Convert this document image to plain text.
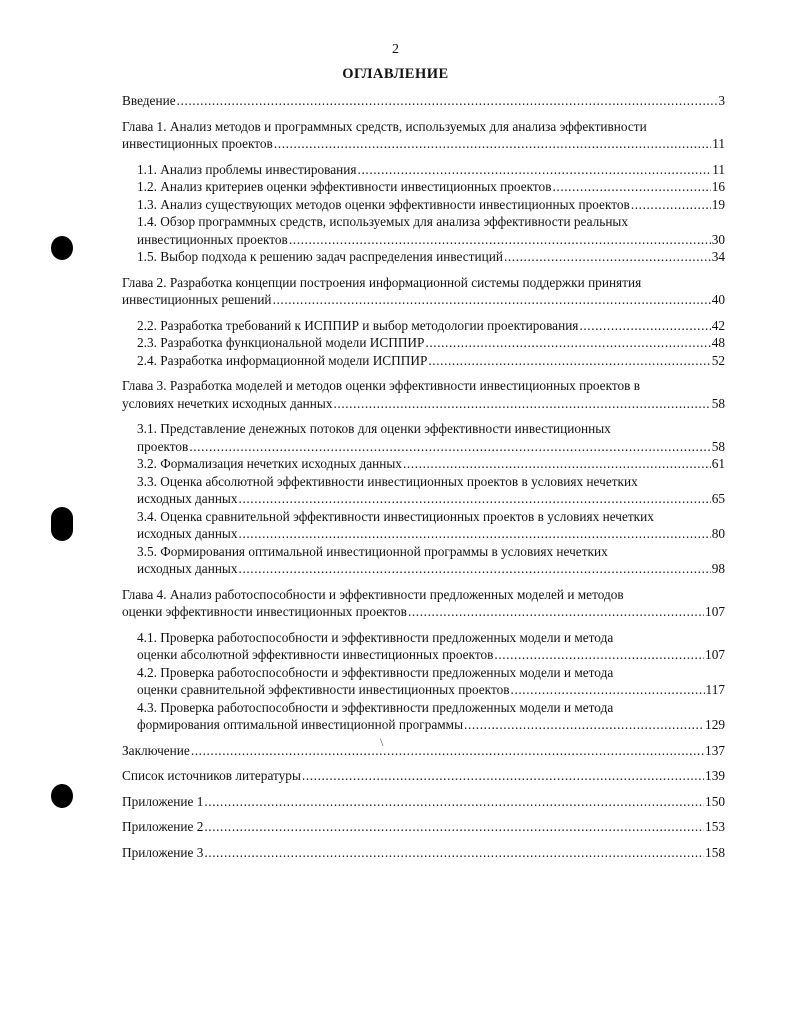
2
ОГЛАВЛЕНИЕ
Введение .....	3
Глава 1. Анализ методов и программных средств, используемых для анализа эффективности
инвестиционных проектов .....	11
1.1. Анализ проблемы инвестирования .....	11
1.2. Анализ критериев оценки эффективности инвестиционных проектов .....	16
1.3. Анализ существующих методов оценки эффективности инвестиционных проектов .....	19
1.4. Обзор программных средств, используемых для анализа эффективности реальных
инвестиционных проектов .....	30
1.5. Выбор подхода к решению задач распределения инвестиций .....	34
Глава 2. Разработка концепции построения информационной системы поддержки принятия
инвестиционных решений .....	40
2.2. Разработка требований к ИСППИР и выбор методологии проектирования .....	42
2.3. Разработка функциональной модели ИСППИР .....	48
2.4. Разработка информационной модели ИСППИР .....	52
Глава 3. Разработка моделей и методов оценки эффективности инвестиционных проектов в
условиях нечетких исходных данных .....	58
3.1. Представление денежных потоков для оценки эффективности инвестиционных
проектов .....	58
3.2. Формализация нечетких исходных данных .....	61
3.3. Оценка абсолютной эффективности инвестиционных проектов в условиях нечетких
исходных данных .....	65
3.4. Оценка сравнительной эффективности инвестиционных проектов в условиях нечетких
исходных данных .....	80
3.5. Формирования оптимальной инвестиционной программы в условиях нечетких
исходных данных .....	98
Глава 4. Анализ работоспособности и эффективности предложенных моделей и методов
оценки эффективности инвестиционных проектов .....	107
4.1. Проверка работоспособности и эффективности предложенных модели и метода
оценки абсолютной эффективности инвестиционных проектов .....	107
4.2. Проверка работоспособности и эффективности предложенных модели и метода
оценки сравнительной эффективности инвестиционных проектов .....	117
4.3. Проверка работоспособности и эффективности предложенных модели и метода
формирования оптимальной инвестиционной программы .....	129
Заключение .....	137
Список источников литературы .....	139
Приложение 1 .....	150
Приложение 2 .....	153
Приложение 3 .....	158
\
